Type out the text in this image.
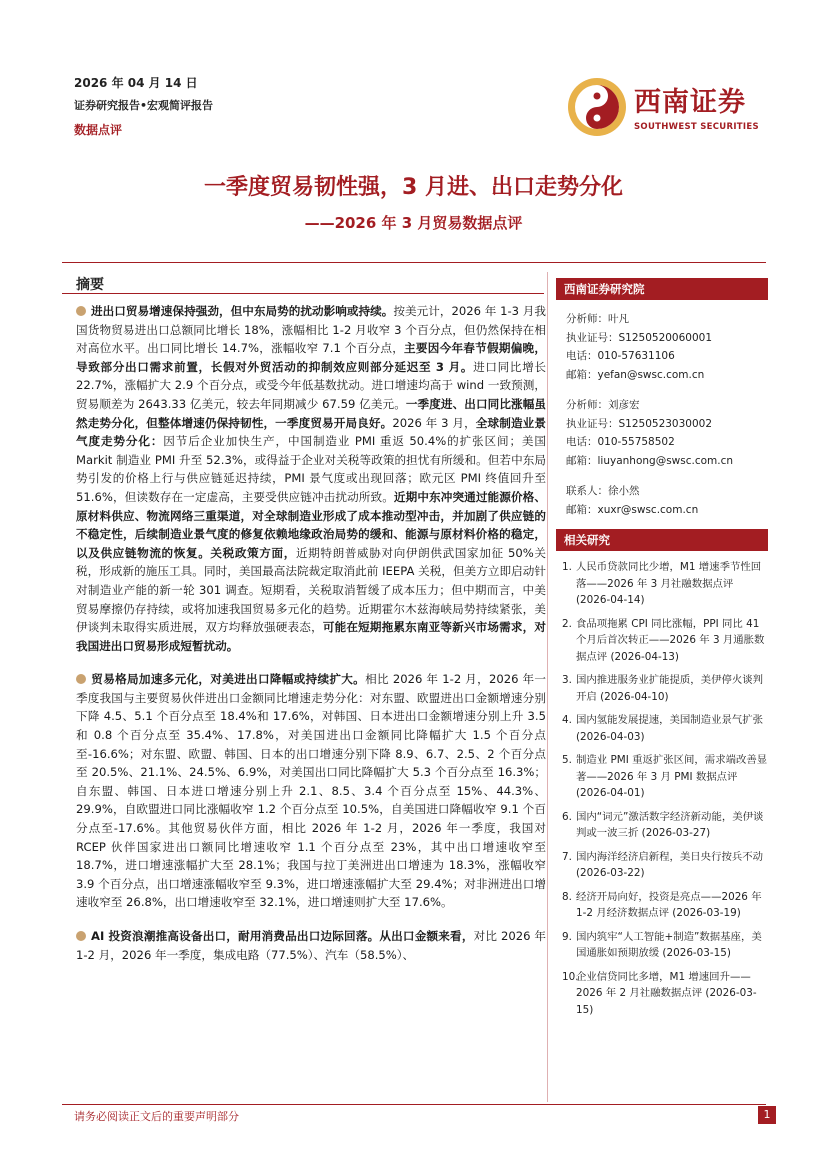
2026 年 04 月 14 日
证券研究报告•宏观简评报告
数据点评
西南证券
SOUTHWEST SECURITIES
一季度贸易韧性强，3 月进、出口走势分化
——2026 年 3 月贸易数据点评
摘要

进出口贸易增速保持强劲，但中东局势的扰动影响或持续。按美元计，2026 年 1-3 月我国货物贸易进出口总额同比增长 18%，涨幅相比 1-2 月收窄 3 个百分点，但仍然保持在相对高位水平。出口同比增长 14.7%，涨幅收窄 7.1 个百分点，主要因今年春节假期偏晚，导致部分出口需求前置，长假对外贸活动的抑制效应则部分延迟至 3 月。进口同比增长 22.7%，涨幅扩大 2.9 个百分点，或受今年低基数扰动。进口增速均高于 wind 一致预测，贸易顺差为 2643.33 亿美元，较去年同期减少 67.59 亿美元。一季度进、出口同比涨幅虽然走势分化，但整体增速仍保持韧性，一季度贸易开局良好。2026 年 3 月，全球制造业景气度走势分化：因节后企业加快生产，中国制造业 PMI 重返 50.4%的扩张区间；美国 Markit 制造业 PMI 升至 52.3%，或得益于企业对关税等政策的担忧有所缓和。但若中东局势引发的价格上行与供应链延迟持续，PMI 景气度或出现回落；欧元区 PMI 终值回升至 51.6%，但读数存在一定虚高，主要受供应链冲击扰动所致。近期中东冲突通过能源价格、原材料供应、物流网络三重渠道，对全球制造业形成了成本推动型冲击，并加剧了供应链的不稳定性，后续制造业景气度的修复依赖地缘政治局势的缓和、能源与原材料价格的稳定，以及供应链物流的恢复。关税政策方面，近期特朗普威胁对向伊朗供武国家加征 50%关税，形成新的施压工具。同时，美国最高法院裁定取消此前 IEEPA 关税，但美方立即启动针对制造业产能的新一轮 301 调查。短期看，关税取消暂缓了成本压力；但中期而言，中美贸易摩擦仍存持续，或将加速我国贸易多元化的趋势。近期霍尔木兹海峡局势持续紧张，美伊谈判未取得实质进展，双方均释放强硬表态，可能在短期拖累东南亚等新兴市场需求，对我国进出口贸易形成短暂扰动。

贸易格局加速多元化，对美进出口降幅或持续扩大。相比 2026 年 1-2 月，2026 年一季度我国与主要贸易伙伴进出口金额同比增速走势分化：对东盟、欧盟进出口金额增速分别下降 4.5、5.1 个百分点至 18.4%和 17.6%，对韩国、日本进出口金额增速分别上升 3.5 和 0.8 个百分点至 35.4%、17.8%，对美国进出口金额同比降幅扩大 1.5 个百分点至-16.6%；对东盟、欧盟、韩国、日本的出口增速分别下降 8.9、6.7、2.5、2 个百分点至 20.5%、21.1%、24.5%、6.9%，对美国出口同比降幅扩大 5.3 个百分点至 16.3%；自东盟、韩国、日本进口增速分别上升 2.1、8.5、3.4 个百分点至 15%、44.3%、29.9%，自欧盟进口同比涨幅收窄 1.2 个百分点至 10.5%，自美国进口降幅收窄 9.1 个百分点至-17.6%。其他贸易伙伴方面，相比 2026 年 1-2 月，2026 年一季度，我国对 RCEP 伙伴国家进出口额同比增速收窄 1.1 个百分点至 23%，其中出口增速收窄至 18.7%，进口增速涨幅扩大至 28.1%；我国与拉丁美洲进出口增速为 18.3%，涨幅收窄 3.9 个百分点，出口增速涨幅收窄至 9.3%，进口增速涨幅扩大至 29.4%；对非洲进出口增速收窄至 26.8%，出口增速收窄至 32.1%，进口增速则扩大至 17.6%。

AI 投资浪潮推高设备出口，耐用消费品出口边际回落。从出口金额来看，对比 2026 年 1-2 月，2026 年一季度，集成电路（77.5%）、汽车（58.5%）、

西南证券研究院
分析师：叶凡
执业证号：S1250520060001
电话：010-57631106
邮箱：yefan@swsc.com.cn
分析师：刘彦宏
执业证号：S1250523030002
电话：010-55758502
邮箱：liuyanhong@swsc.com.cn
联系人：徐小然
邮箱：xuxr@swsc.com.cn
相关研究
1. 人民币贷款同比少增，M1 增速季节性回落——2026 年 3 月社融数据点评 (2026-04-14)
2. 食品项拖累 CPI 同比涨幅，PPI 同比 41 个月后首次转正——2026 年 3 月通胀数据点评 (2026-04-13)
3. 国内推进服务业扩能提质，美伊停火谈判开启 (2026-04-10)
4. 国内氢能发展提速，美国制造业景气扩张 (2026-04-03)
5. 制造业 PMI 重返扩张区间，需求端改善显著——2026 年 3 月 PMI 数据点评 (2026-04-01)
6. 国内“词元”激活数字经济新动能，美伊谈判或一波三折 (2026-03-27)
7. 国内海洋经济启新程，美日央行按兵不动 (2026-03-22)
8. 经济开局向好，投资是亮点——2026 年 1-2 月经济数据点评 (2026-03-19)
9. 国内筑牢“人工智能+制造”数据基座，美国通胀如预期放缓 (2026-03-15)
10.
企业信贷同比多增，M1 增速回升——2026 年 2 月社融数据点评 (2026-03-15)
请务必阅读正文后的重要声明部分	1
